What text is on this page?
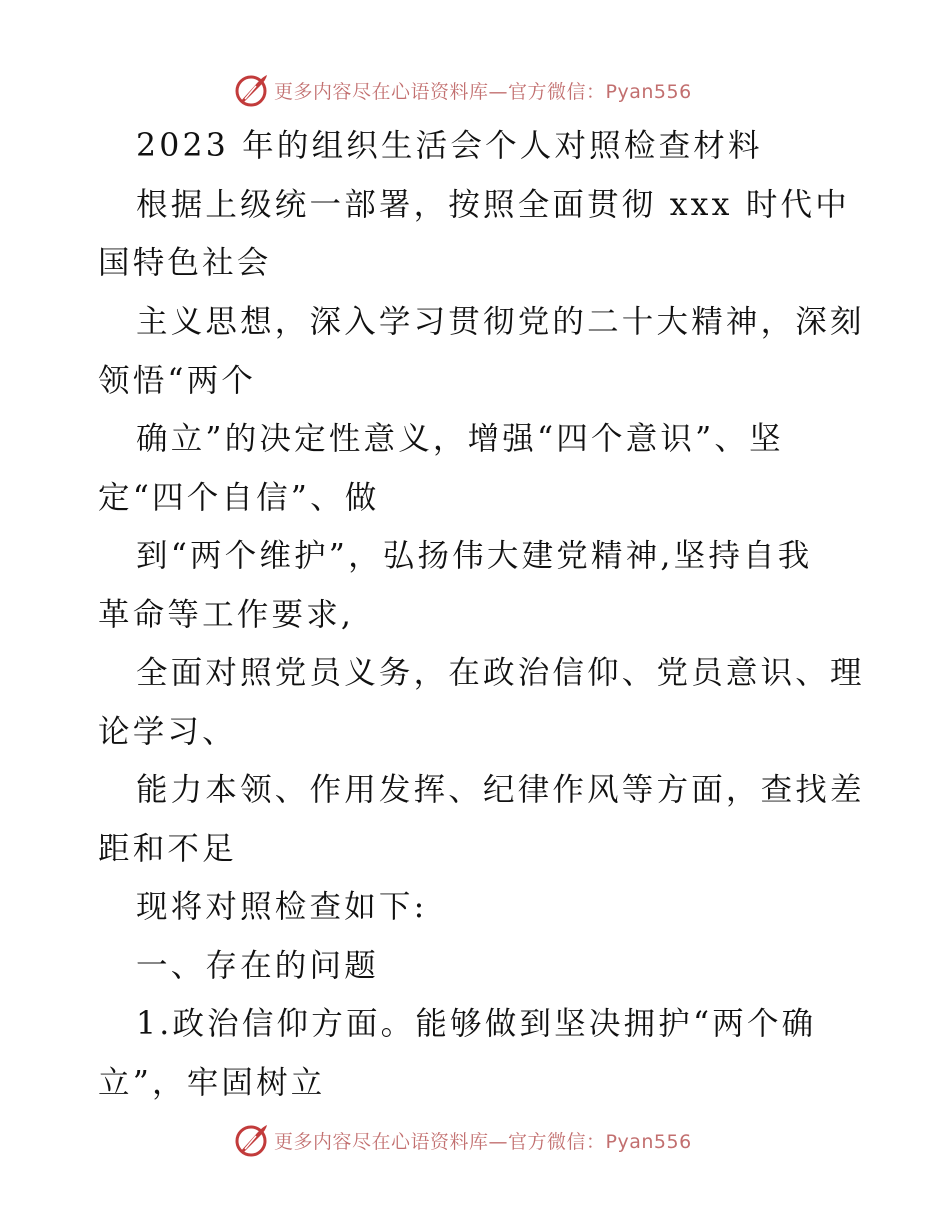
更多内容尽在心语资料库—官方微信：Pyan556
2023 年的组织生活会个人对照检查材料
根据上级统一部署，按照全面贯彻 xxx 时代中
国特色社会
主义思想，深入学习贯彻党的二十大精神，深刻
领悟“两个
确立”的决定性意义，增强“四个意识”、坚
定“四个自信”、做
到“两个维护”，弘扬伟大建党精神,坚持自我
革命等工作要求,
全面对照党员义务，在政治信仰、党员意识、理
论学习、
能力本领、作用发挥、纪律作风等方面，查找差
距和不足
现将对照检查如下:
一、存在的问题
1.政治信仰方面。能够做到坚决拥护“两个确
立”，牢固树立
更多内容尽在心语资料库—官方微信：Pyan556
